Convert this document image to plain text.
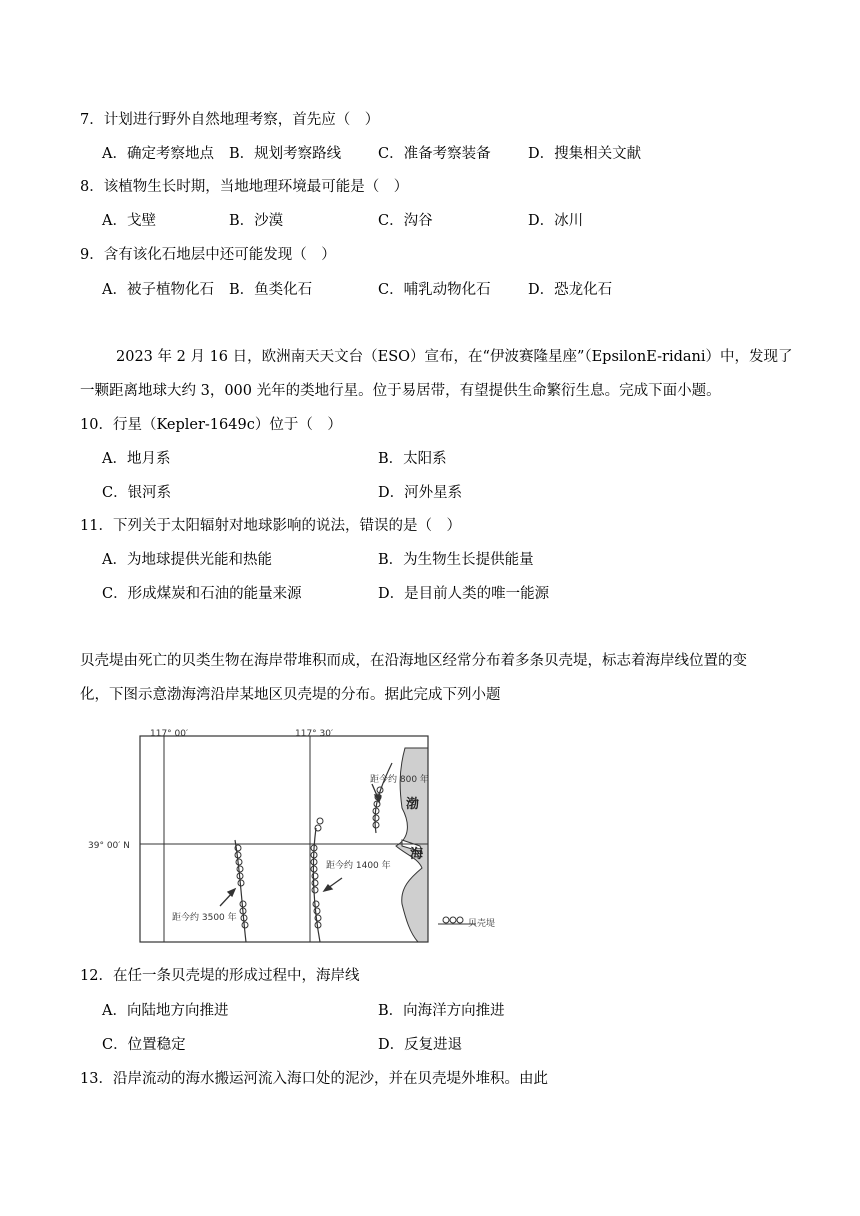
7．计划进行野外自然地理考察，首先应（　）
A．确定考察地点 B．规划考察路线	C．准备考察装备	D．搜集相关文献
8．该植物生长时期，当地地理环境最可能是（　）
A．戈壁	B．沙漠	C．沟谷	D．冰川
9．含有该化石地层中还可能发现（　）
A．被子植物化石 B．鱼类化石	C．哺乳动物化石	D．恐龙化石
2023 年 2 月 16 日，欧洲南天天文台（ESO）宣布，在“伊波赛隆星座”（EpsilonE-ridani）中，发现了
一颗距离地球大约 3，000 光年的类地行星。位于易居带，有望提供生命繁衍生息。完成下面小题。
10．行星（Kepler-1649c）位于（　）
A．地月系	B．太阳系
C．银河系	D．河外星系
11．下列关于太阳辐射对地球影响的说法，错误的是（　）
A．为地球提供光能和热能	B．为生物生长提供能量
C．形成煤炭和石油的能量来源	D．是目前人类的唯一能源
贝壳堤由死亡的贝类生物在海岸带堆积而成，在沿海地区经常分布着多条贝壳堤，标志着海岸线位置的变
化，下图示意渤海湾沿岸某地区贝壳堤的分布。据此完成下列小题
117° 00′	117° 30′
39° 00′ N
距今约 800 年
距今约 1400 年
距今约 3500 年
渤
海
贝壳堤
12．在任一条贝壳堤的形成过程中，海岸线
A．向陆地方向推进	B．向海洋方向推进
C．位置稳定	D．反复进退
13．沿岸流动的海水搬运河流入海口处的泥沙，并在贝壳堤外堆积。由此
